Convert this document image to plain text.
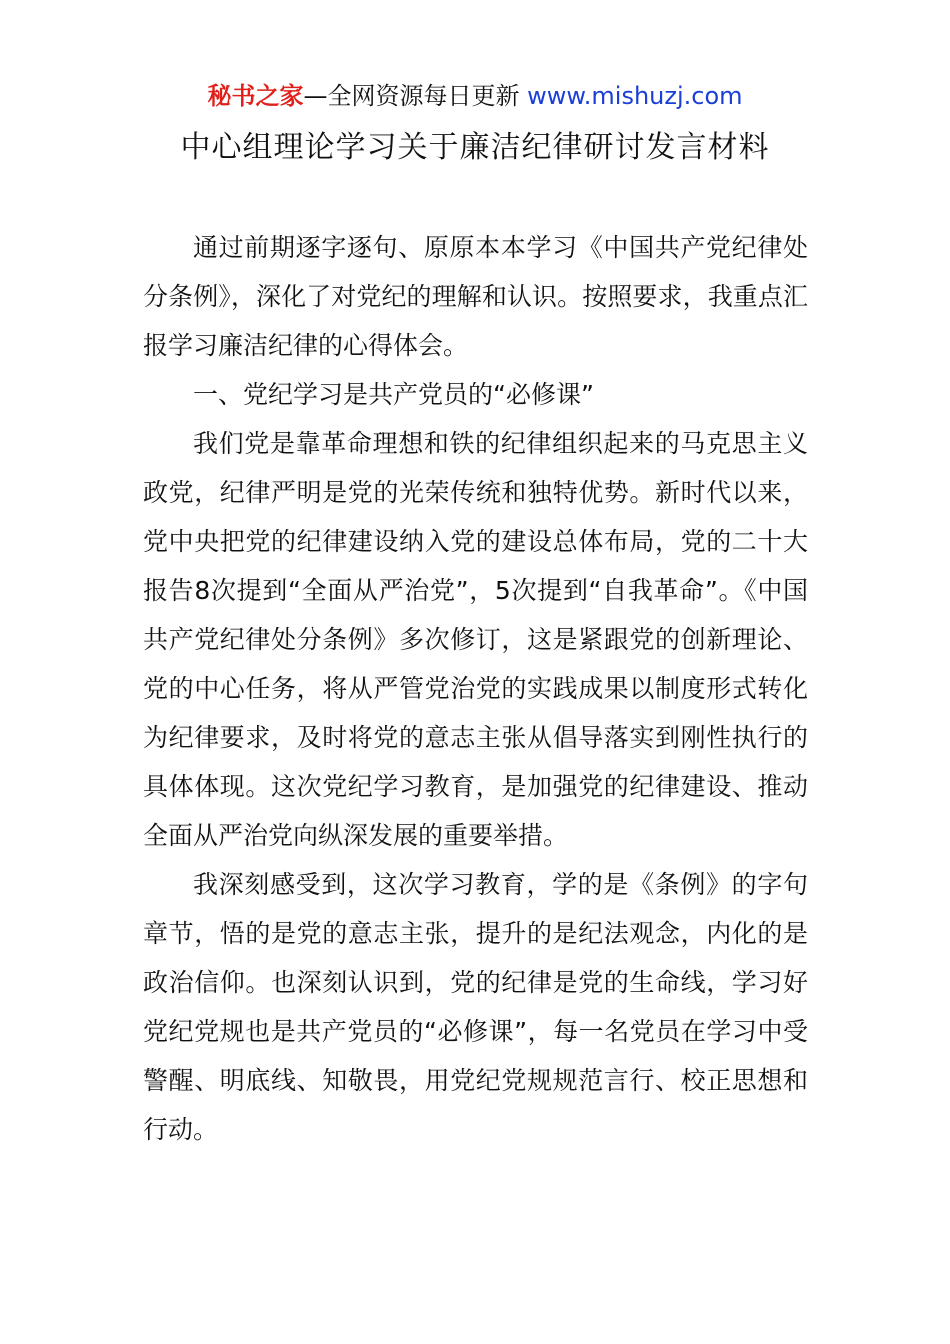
秘书之家—全网资源每日更新 www.mishuzj.com
中心组理论学习关于廉洁纪律研讨发言材料

通过前期逐字逐句、原原本本学习《中国共产党纪律处分条例》，深化了对党纪的理解和认识。按照要求，我重点汇报学习廉洁纪律的心得体会。

一、党纪学习是共产党员的“必修课”

我们党是靠革命理想和铁的纪律组织起来的马克思主义政党，纪律严明是党的光荣传统和独特优势。新时代以来，党中央把党的纪律建设纳入党的建设总体布局，党的二十大报告8次提到“全面从严治党”，5次提到“自我革命”。《中国共产党纪律处分条例》多次修订，这是紧跟党的创新理论、党的中心任务，将从严管党治党的实践成果以制度形式转化为纪律要求，及时将党的意志主张从倡导落实到刚性执行的具体体现。这次党纪学习教育，是加强党的纪律建设、推动全面从严治党向纵深发展的重要举措。

我深刻感受到，这次学习教育，学的是《条例》的字句章节，悟的是党的意志主张，提升的是纪法观念，内化的是政治信仰。也深刻认识到，党的纪律是党的生命线，学习好党纪党规也是共产党员的“必修课”，每一名党员在学习中受警醒、明底线、知敬畏，用党纪党规规范言行、校正思想和行动。
